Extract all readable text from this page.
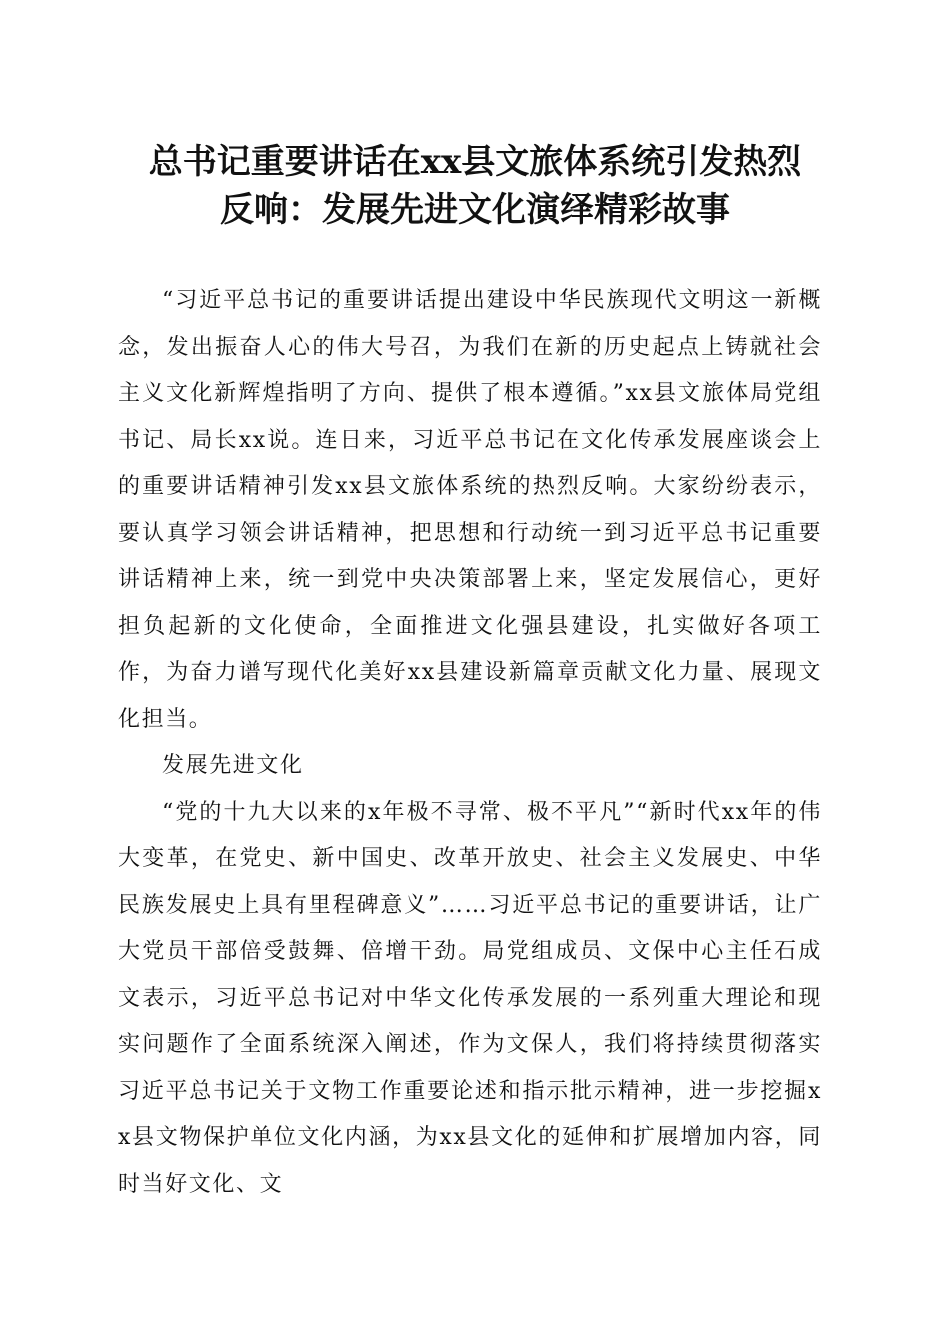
总书记重要讲话在xx县文旅体系统引发热烈
反响：发展先进文化演绎精彩故事

“习近平总书记的重要讲话提出建设中华民族现代文明这一新概念，发出振奋人心的伟大号召，为我们在新的历史起点上铸就社会主义文化新辉煌指明了方向、提供了根本遵循。”xx县文旅体局党组书记、局长xx说。连日来，习近平总书记在文化传承发展座谈会上的重要讲话精神引发xx县文旅体系统的热烈反响。大家纷纷表示，要认真学习领会讲话精神，把思想和行动统一到习近平总书记重要讲话精神上来，统一到党中央决策部署上来，坚定发展信心，更好担负起新的文化使命，全面推进文化强县建设，扎实做好各项工作，为奋力谱写现代化美好xx县建设新篇章贡献文化力量、展现文化担当。

发展先进文化

“党的十九大以来的x年极不寻常、极不平凡”“新时代xx年的伟大变革，在党史、新中国史、改革开放史、社会主义发展史、中华民族发展史上具有里程碑意义”……习近平总书记的重要讲话，让广大党员干部倍受鼓舞、倍增干劲。局党组成员、文保中心主任石成文表示，习近平总书记对中华文化传承发展的一系列重大理论和现实问题作了全面系统深入阐述，作为文保人，我们将持续贯彻落实习近平总书记关于文物工作重要论述和指示批示精神，进一步挖掘xx县文物保护单位文化内涵，为xx县文化的延伸和扩展增加内容，同时当好文化、文
